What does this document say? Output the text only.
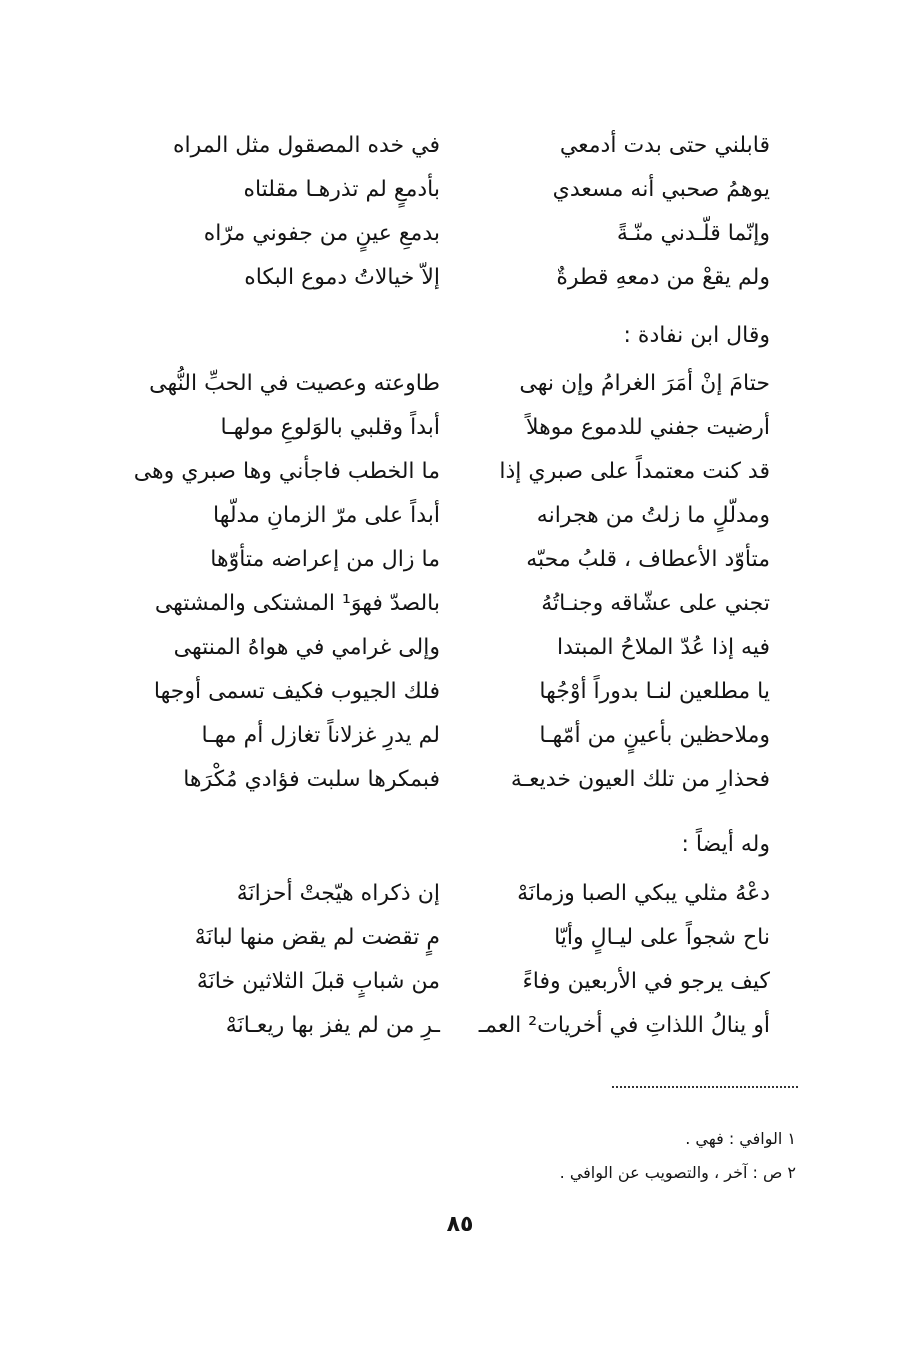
قابلني حتى بدت أدمعي
في خده المصقول مثل المراه
يوهمُ صحبي أنه مسعدي
بأدمعٍ لم تذرهـا مقلتاه
وإنّما قلّـدني منّـةً
بدمعِ عينٍ من جفوني مرّاه
ولم يقعْ من دمعهِ قطرةٌ
إلاّ خيالاتُ دموع البكاه
وقال ابن نفادة :
حتامَ إنْ أمَرَ الغرامُ وإن نهى
طاوعته وعصيت في الحبِّ النُّهى
أرضيت جفني للدموع موهلاً
أبداً وقلبي بالوَلوعِ مولهـا
قد كنت معتمداً على صبري إذا
ما الخطب فاجأني وها صبري وهى
ومدلّلٍ ما زلتُ من هجرانه
أبداً على مرّ الزمانِ مدلّها
متأوّد الأعطاف ، قلبُ محبّه
ما زال من إعراضه متأوّها
تجني على عشّاقه وجنـاتُهُ
بالصدّ فهوَ¹ المشتكى والمشتهى
فيه إذا عُدّ الملاحُ المبتدا
وإلى غرامي في هواهُ المنتهى
يا مطلعين لنـا بدوراً أوْجُها
فلك الجيوب فكيف تسمى أوجها
وملاحظين بأعينٍ من أمّهـا
لم يدرِ غزلاناً تغازل أم مهـا
فحذارِ من تلك العيون خديعـة
فبمكرها سلبت فؤادي مُكْرَها
وله أيضاً :
دعْهُ مثلي يبكي الصبا وزمانَهْ
إن ذكراه هيّجتْ أحزانَهْ
ناح شجواً على ليـالٍ وأيّا
مٍ تقضت لم يقض منها لبانَهْ
كيف يرجو في الأربعين وفاءً
من شبابٍ قبلَ الثلاثين خانَهْ
أو ينالُ اللذاتِ في أخريات² العمـ
ـرِ من لم يفز بها ريعـانَهْ
١ الوافي : فهي .
٢ ص : آخر ، والتصويب عن الوافي .
٨٥
